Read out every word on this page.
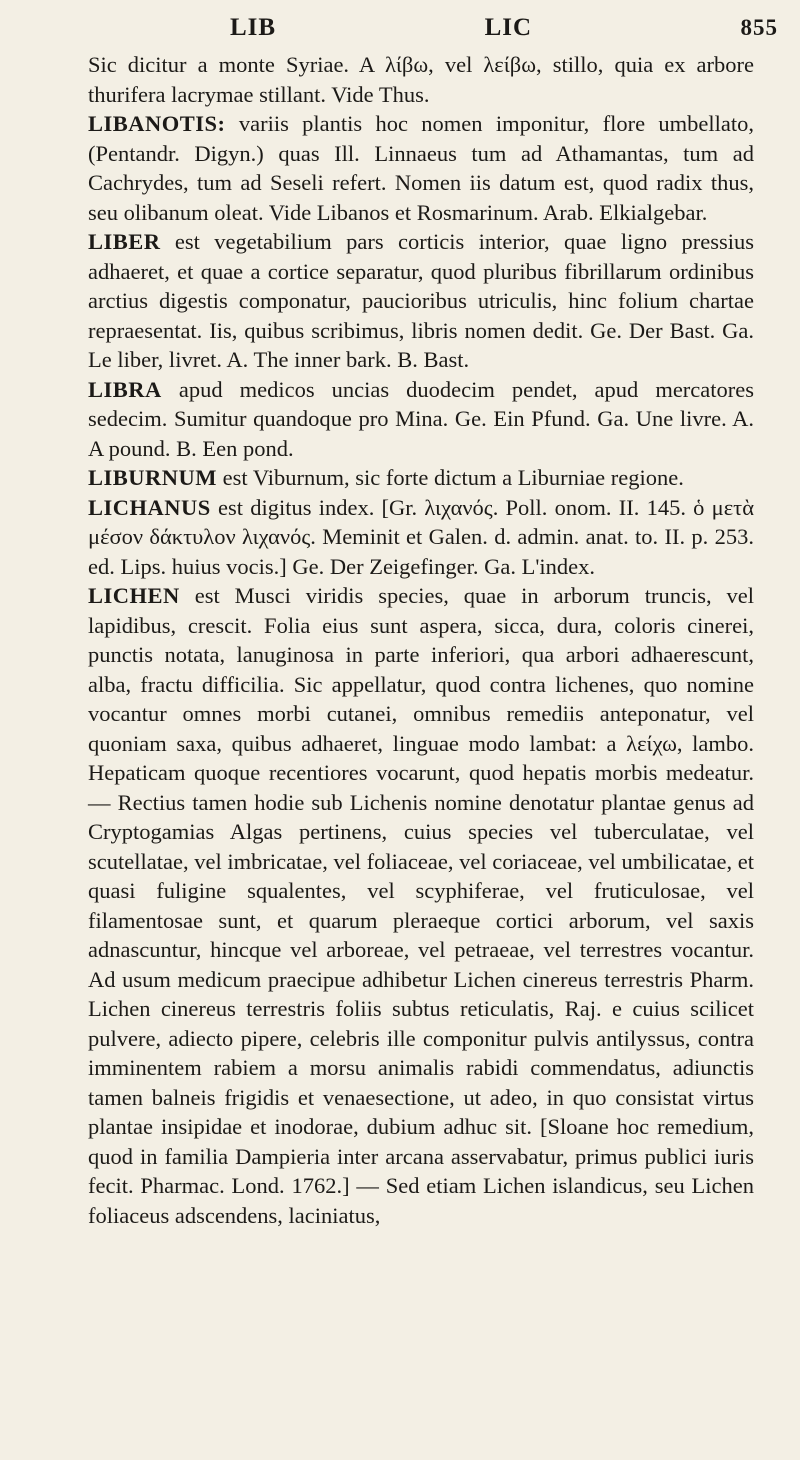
LIB	LIC	855

Sic dicitur a monte Syriae. A λίβω, vel λείβω, stillo, quia ex arbore thurifera lacrymae stillant. Vide Thus.

LIBANOTIS: variis plantis hoc nomen imponitur, flore umbellato, (Pentandr. Digyn.) quas Ill. Linnaeus tum ad Athamantas, tum ad Cachrydes, tum ad Seseli refert. Nomen iis datum est, quod radix thus, seu olibanum oleat. Vide Libanos et Rosmarinum. Arab. Elkialgebar.

LIBER est vegetabilium pars corticis interior, quae ligno pressius adhaeret, et quae a cortice separatur, quod pluribus fibrillarum ordinibus arctius digestis componatur, paucioribus utriculis, hinc folium chartae repraesentat. Iis, quibus scribimus, libris nomen dedit. Ge. Der Bast. Ga. Le liber, livret. A. The inner bark. B. Bast.

LIBRA apud medicos uncias duodecim pendet, apud mercatores sedecim. Sumitur quandoque pro Mina. Ge. Ein Pfund. Ga. Une livre. A. A pound. B. Een pond.

LIBURNUM est Viburnum, sic forte dictum a Liburniae regione.

LICHANUS est digitus index. [Gr. λιχανός. Poll. onom. II. 145. ὁ μετὰ μέσον δάκτυλον λιχανός. Meminit et Galen. d. admin. anat. to. II. p. 253. ed. Lips. huius vocis.] Ge. Der Zeigefinger. Ga. L'index.

LICHEN est Musci viridis species, quae in arborum truncis, vel lapidibus, crescit. Folia eius sunt aspera, sicca, dura, coloris cinerei, punctis notata, lanuginosa in parte inferiori, qua arbori adhaerescunt, alba, fractu difficilia. Sic appellatur, quod contra lichenes, quo nomine vocantur omnes morbi cutanei, omnibus remediis anteponatur, vel quoniam saxa, quibus adhaeret, linguae modo lambat: a λείχω, lambo. Hepaticam quoque recentiores vocarunt, quod hepatis morbis medeatur. — Rectius tamen hodie sub Lichenis nomine denotatur plantae genus ad Cryptogamias Algas pertinens, cuius species vel tuberculatae, vel scutellatae, vel imbricatae, vel foliaceae, vel coriaceae, vel umbilicatae, et quasi fuligine squalentes, vel scyphiferae, vel fruticulosae, vel filamentosae sunt, et quarum pleraeque cortici arborum, vel saxis adnascuntur, hincque vel arboreae, vel petraeae, vel terrestres vocantur. Ad usum medicum praecipue adhibetur Lichen cinereus terrestris Pharm. Lichen cinereus terrestris foliis subtus reticulatis, Raj. e cuius scilicet pulvere, adiecto pipere, celebris ille componitur pulvis antilyssus, contra imminentem rabiem a morsu animalis rabidi commendatus, adiunctis tamen balneis frigidis et venaesectione, ut adeo, in quo consistat virtus plantae insipidae et inodorae, dubium adhuc sit. [Sloane hoc remedium, quod in familia Dampieria inter arcana asservabatur, primus publici iuris fecit. Pharmac. Lond. 1762.] — Sed etiam Lichen islandicus, seu Lichen foliaceus adscendens, laciniatus,
